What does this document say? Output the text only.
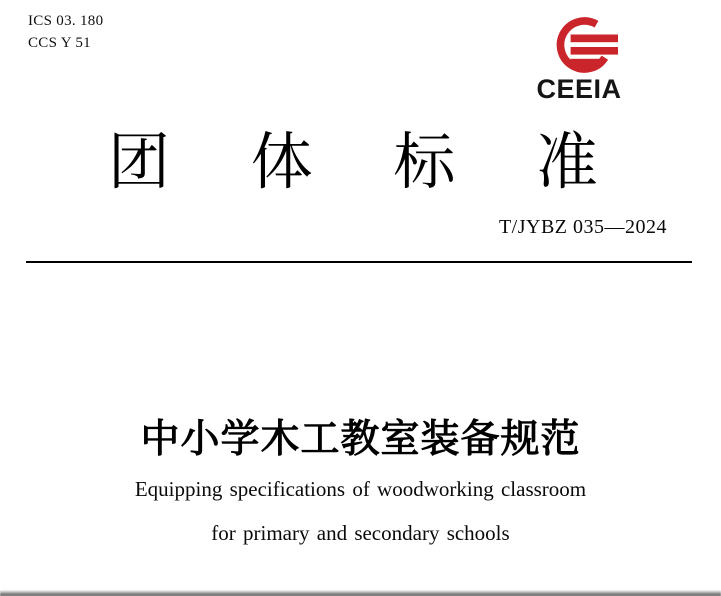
ICS 03. 180
CCS Y 51
CEEIA
团 体 标 准
T/JYBZ 035—2024
中小学木工教室装备规范
Equipping specifications of woodworking classroom
for primary and secondary schools
